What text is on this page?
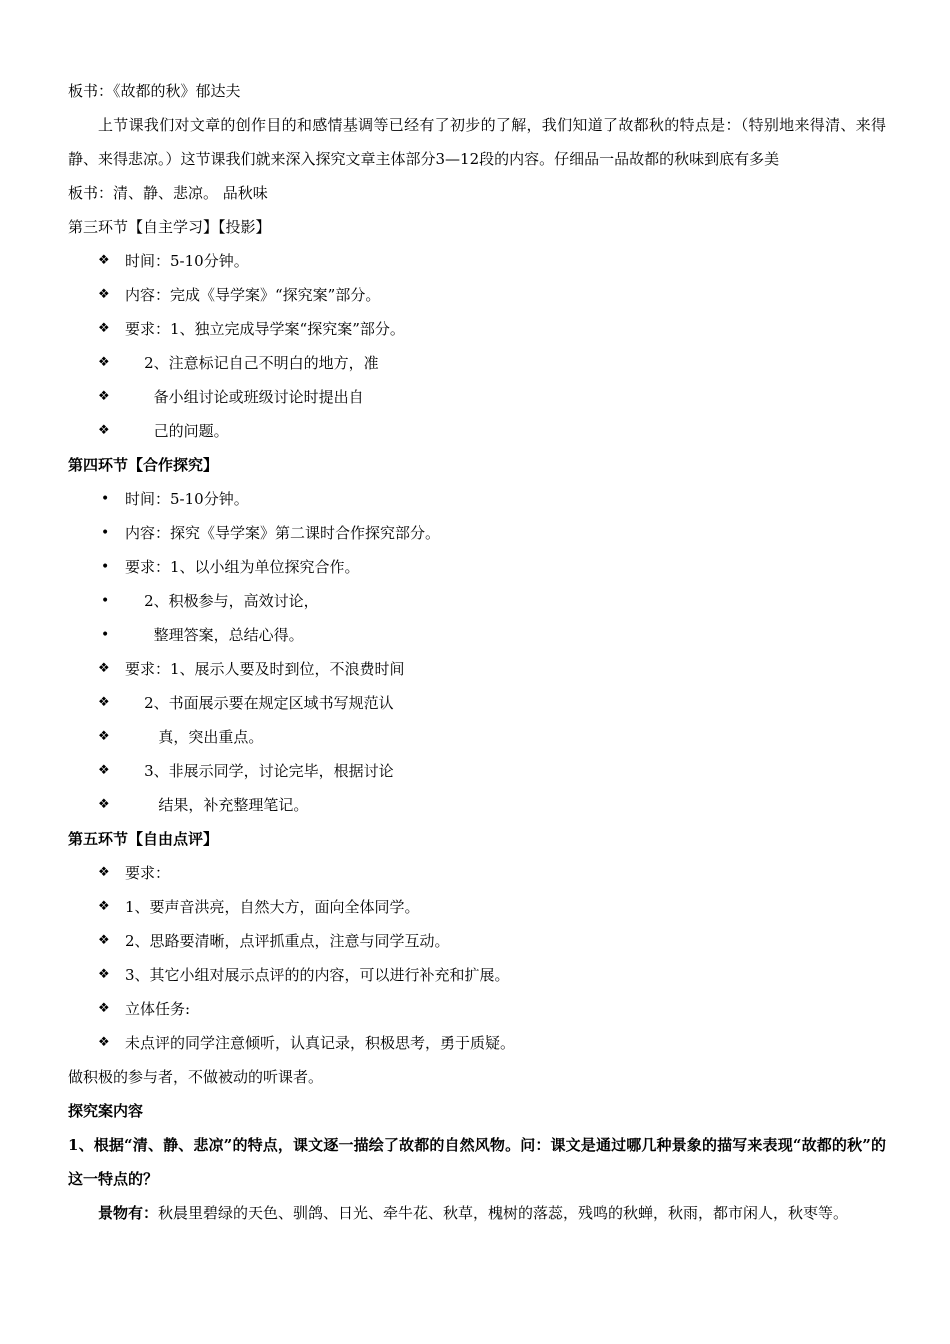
板书：《故都的秋》郁达夫
上节课我们对文章的创作目的和感情基调等已经有了初步的了解，我们知道了故都秋的特点是：（特别地来得清、来得静、来得悲凉。）这节课我们就来深入探究文章主体部分3—12段的内容。仔细品一品故都的秋味到底有多美
板书：清、静、悲凉。 品秋味
第三环节【自主学习】【投影】
❖	时间：5-10分钟。
❖	内容：完成《导学案》“探究案”部分。
❖	要求：1、独立完成导学案“探究案”部分。
❖	2、注意标记自己不明白的地方，准
❖	备小组讨论或班级讨论时提出自
❖	己的问题。
第四环节【合作探究】
•	时间：5-10分钟。
•	内容：探究《导学案》第二课时合作探究部分。
•	要求：1、以小组为单位探究合作。
•	2、积极参与，高效讨论，
•	整理答案，总结心得。
❖	要求：1、展示人要及时到位，不浪费时间
❖	2、书面展示要在规定区域书写规范认
❖	真，突出重点。
❖	3、非展示同学，讨论完毕，根据讨论
❖	结果，补充整理笔记。
第五环节【自由点评】
❖	要求：
❖	1、要声音洪亮，自然大方，面向全体同学。
❖	2、思路要清晰，点评抓重点，注意与同学互动。
❖	3、其它小组对展示点评的的内容，可以进行补充和扩展。
❖	立体任务:
❖	未点评的同学注意倾听，认真记录，积极思考，勇于质疑。
做积极的参与者，不做被动的听课者。
探究案内容
1、根据“清、静、悲凉”的特点，课文逐一描绘了故都的自然风物。问：课文是通过哪几种景象的描写来表现“故都的秋”的这一特点的？
景物有：秋晨里碧绿的天色、驯鸽、日光、牵牛花、秋草，槐树的落蕊，残鸣的秋蝉，秋雨，都市闲人，秋枣等。
